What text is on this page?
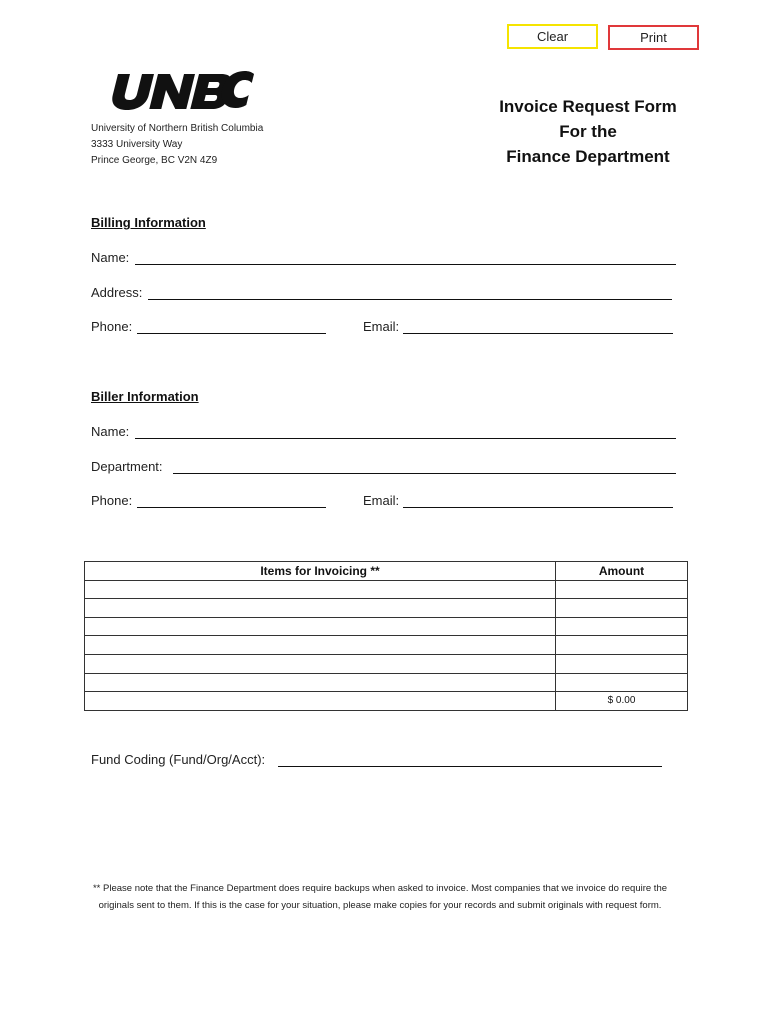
Clear	Print
University of Northern British Columbia
3333 University Way
Prince George, BC V2N 4Z9
Invoice Request Form
For the
Finance Department
Billing Information
Name:
Address:
Phone:	Email:
Biller Information
Name:
Department:
Phone:	Email:
Items for Invoicing **	Amount

	$ 0.00
Fund Coding (Fund/Org/Acct):
** Please note that the Finance Department does require backups when asked to invoice. Most companies that we invoice do require the originals sent to them. If this is the case for your situation, please make copies for your records and submit originals with request form.
